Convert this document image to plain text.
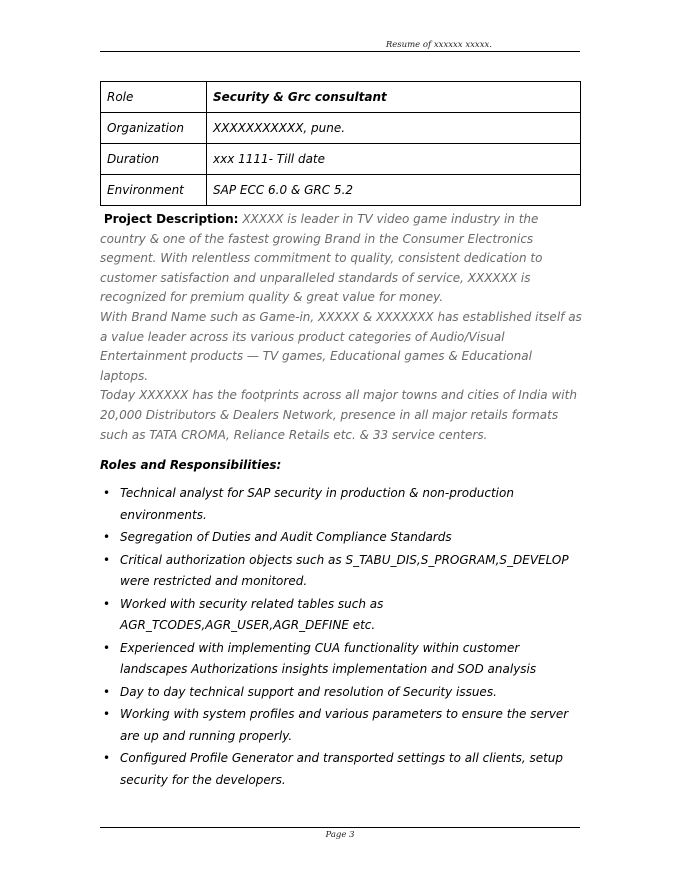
Resume of xxxxxx xxxxx.
Role	Security & Grc consultant
Organization	XXXXXXXXXXX, pune.
Duration	xxx 1111- Till date
Environment	SAP ECC 6.0 & GRC 5.2

Project Description: XXXXX is leader in TV video game industry in the country & one of the fastest growing Brand in the Consumer Electronics segment. With relentless commitment to quality, consistent dedication to customer satisfaction and unparalleled standards of service, XXXXXX is recognized for premium quality & great value for money.

With Brand Name such as Game-in, XXXXX & XXXXXXX has established itself as a value leader across its various product categories of Audio/Visual Entertainment products — TV games, Educational games & Educational laptops.

Today XXXXXX has the footprints across all major towns and cities of India with 20,000 Distributors & Dealers Network, presence in all major retails formats such as TATA CROMA, Reliance Retails etc. & 33 service centers.

Roles and Responsibilities:
• Technical analyst for SAP security in production & non-production environments.
• Segregation of Duties and Audit Compliance Standards
• Critical authorization objects such as S_TABU_DIS,S_PROGRAM,S_DEVELOP were restricted and monitored.
• Worked with security related tables such as AGR_TCODES,AGR_USER,AGR_DEFINE etc.
• Experienced with implementing CUA functionality within customer landscapes Authorizations insights implementation and SOD analysis
• Day to day technical support and resolution of Security issues.
• Working with system profiles and various parameters to ensure the server are up and running properly.
• Configured Profile Generator and transported settings to all clients, setup security for the developers.
Page 3
